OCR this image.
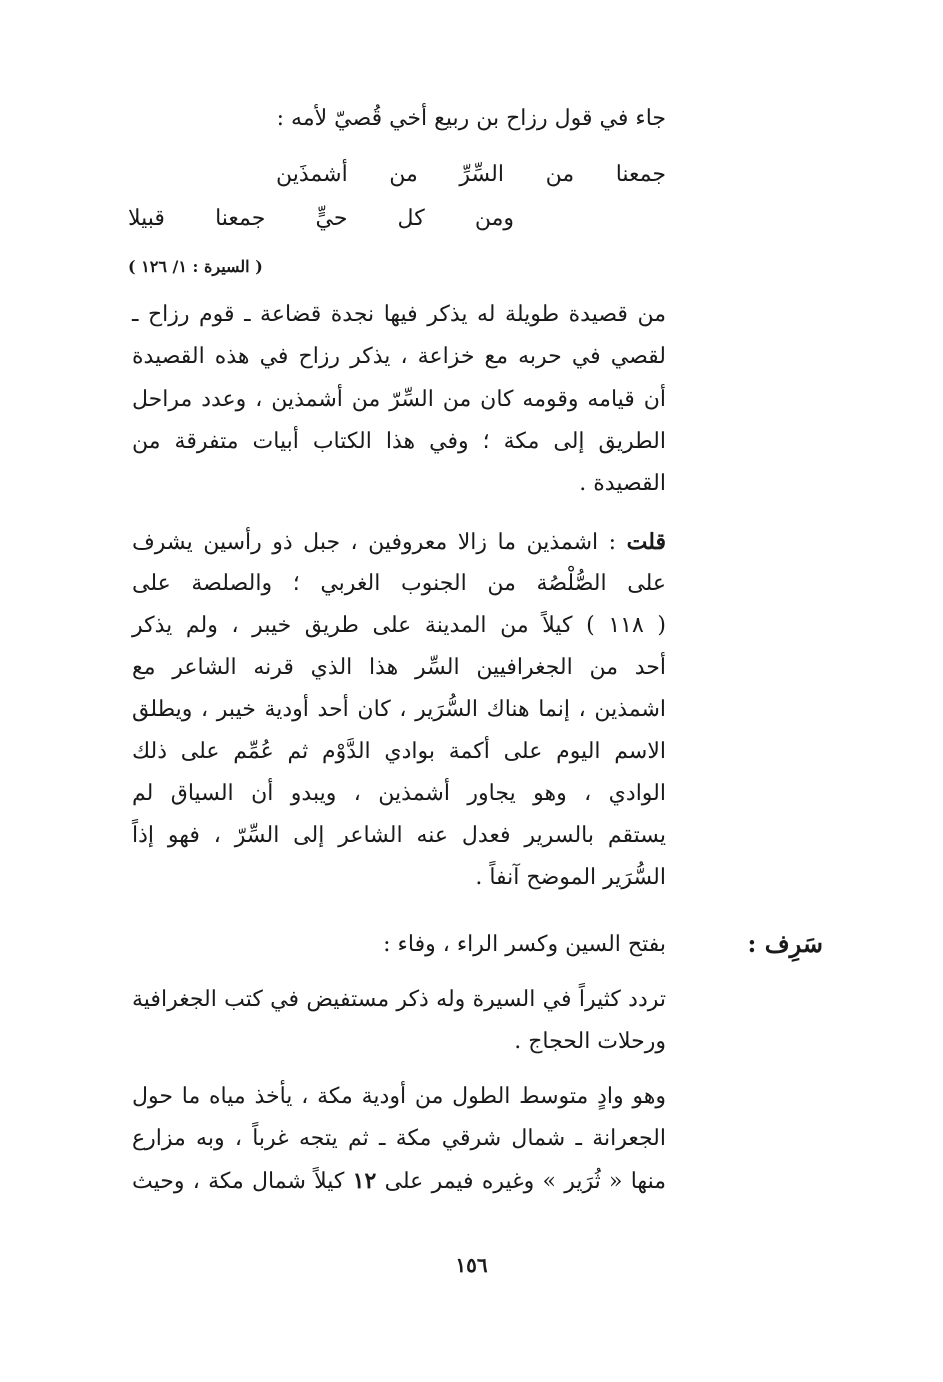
جاء في قول رزاح بن ربيع أخي قُصيّ لأمه :
جمعنا من السِّرِّ من أشمذَين
ومن كل حيٍّ جمعنا قبيلا
( السيرة : ١/ ١٢٦ )
من قصيدة طويلة له يذكر فيها نجدة قضاعة ـ قوم رزاح ـ
لقصي في حربه مع خزاعة ، يذكر رزاح في هذه القصيدة
أن قيامه وقومه كان من السِّرّ من أشمذين ، وعدد مراحل
الطريق إلى مكة ؛ وفي هذا الكتاب أبيات متفرقة من
القصيدة .
قلت : اشمذين ما زالا معروفين ، جبل ذو رأسين يشرف
على الصُّلْصُة من الجنوب الغربي ؛ والصلصة على
( ١١٨ ) كيلاً من المدينة على طريق خيبر ، ولم يذكر
أحد من الجغرافيين السِّر هذا الذي قرنه الشاعر مع
اشمذين ، إنما هناك السُّرَير ، كان أحد أودية خيبر ، ويطلق
الاسم اليوم على أكمة بوادي الدَّوْم ثم عُمِّم على ذلك
الوادي ، وهو يجاور أشمذين ، ويبدو أن السياق لم
يستقم بالسرير فعدل عنه الشاعر إلى السِّرّ ، فهو إذاً
السُّرَير الموضح آنفاً .
سَرِف :
بفتح السين وكسر الراء ، وفاء :
تردد كثيراً في السيرة وله ذكر مستفيض في كتب الجغرافية
ورحلات الحجاج .
وهو وادٍ متوسط الطول من أودية مكة ، يأخذ مياه ما حول
الجعرانة ـ شمال شرقي مكة ـ ثم يتجه غرباً ، وبه مزارع
منها « ثُرَير » وغيره فيمر على ١٢ كيلاً شمال مكة ، وحيث
١٥٦
